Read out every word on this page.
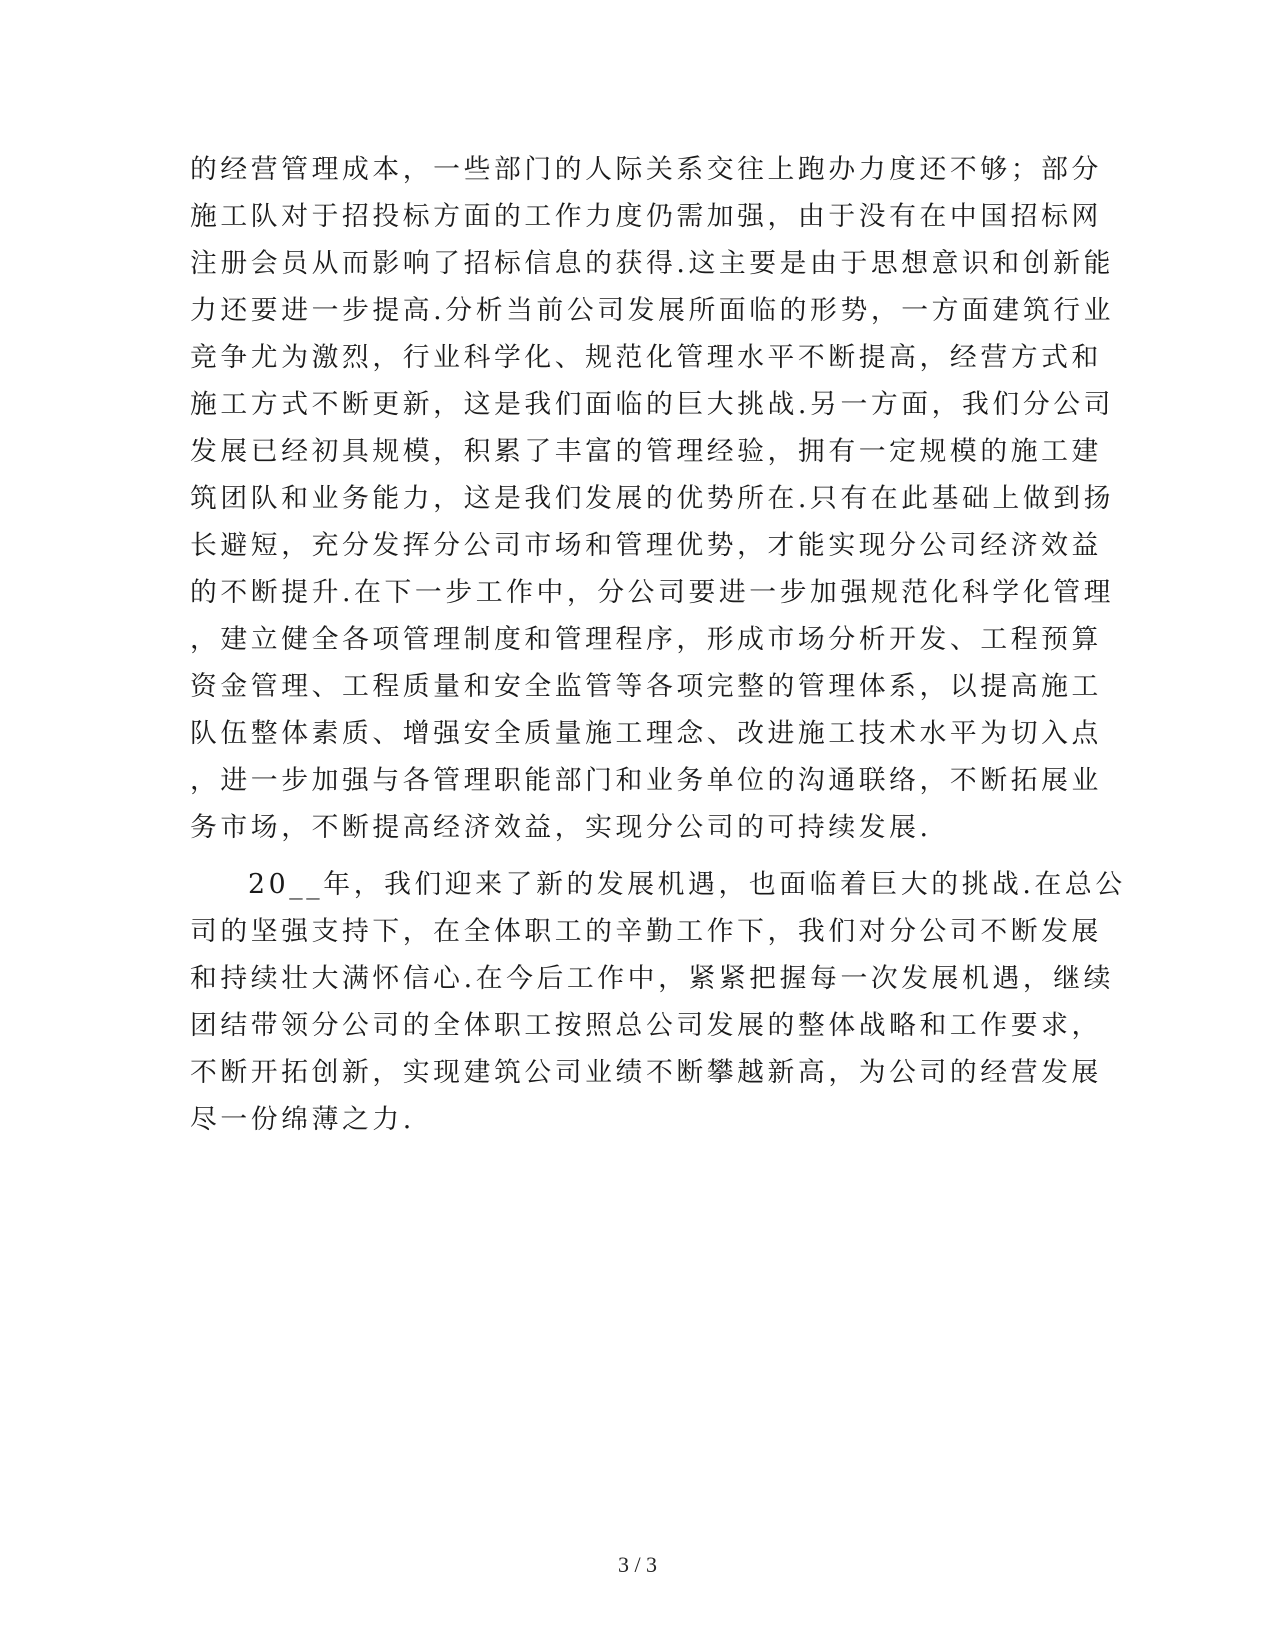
的经营管理成本，一些部门的人际关系交往上跑办力度还不够；部分
施工队对于招投标方面的工作力度仍需加强，由于没有在中国招标网
注册会员从而影响了招标信息的获得.这主要是由于思想意识和创新能
力还要进一步提高.分析当前公司发展所面临的形势，一方面建筑行业
竞争尤为激烈，行业科学化、规范化管理水平不断提高，经营方式和
施工方式不断更新，这是我们面临的巨大挑战.另一方面，我们分公司
发展已经初具规模，积累了丰富的管理经验，拥有一定规模的施工建
筑团队和业务能力，这是我们发展的优势所在.只有在此基础上做到扬
长避短，充分发挥分公司市场和管理优势，才能实现分公司经济效益
的不断提升.在下一步工作中，分公司要进一步加强规范化科学化管理
，建立健全各项管理制度和管理程序，形成市场分析开发、工程预算
资金管理、工程质量和安全监管等各项完整的管理体系，以提高施工
队伍整体素质、增强安全质量施工理念、改进施工技术水平为切入点
，进一步加强与各管理职能部门和业务单位的沟通联络，不断拓展业
务市场，不断提高经济效益，实现分公司的可持续发展.
20__年，我们迎来了新的发展机遇，也面临着巨大的挑战.在总公
司的坚强支持下，在全体职工的辛勤工作下，我们对分公司不断发展
和持续壮大满怀信心.在今后工作中，紧紧把握每一次发展机遇，继续
团结带领分公司的全体职工按照总公司发展的整体战略和工作要求，
不断开拓创新，实现建筑公司业绩不断攀越新高，为公司的经营发展
尽一份绵薄之力.
3 / 3
